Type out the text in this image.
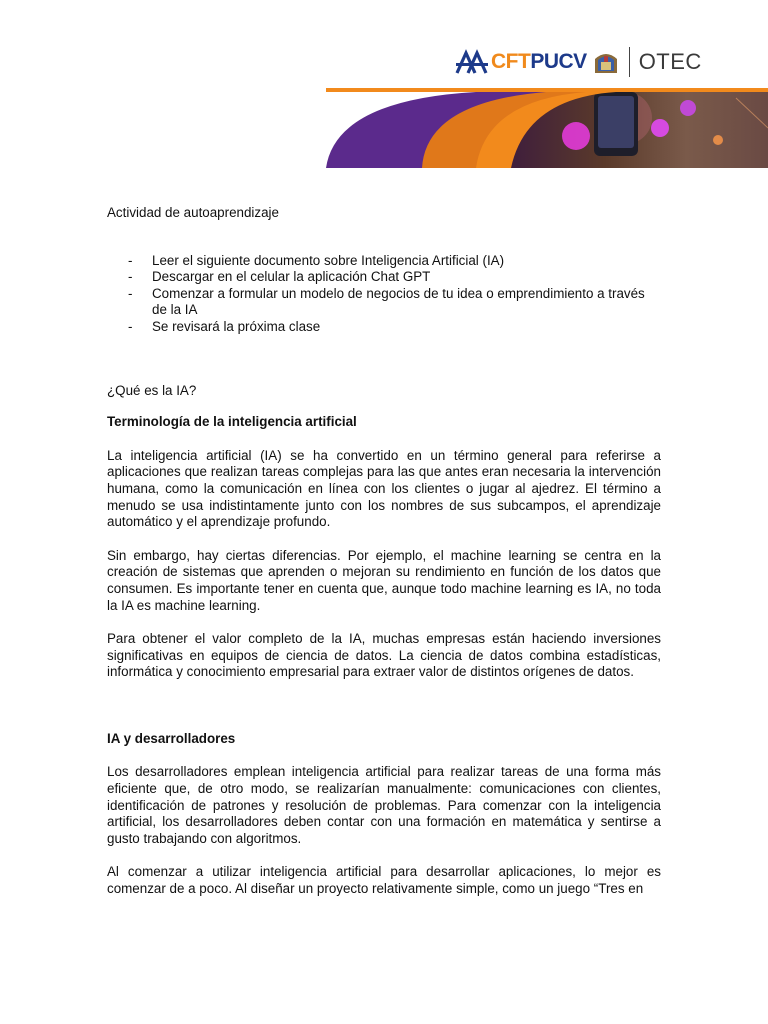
CFTPUCV OTEC

Actividad de autoaprendizaje

- Leer el siguiente documento sobre Inteligencia Artificial (IA)
- Descargar en el celular la aplicación Chat GPT
- Comenzar a formular un modelo de negocios de tu idea o emprendimiento a través de la IA
- Se revisará la próxima clase

¿Qué es la IA?

Terminología de la inteligencia artificial

La inteligencia artificial (IA) se ha convertido en un término general para referirse a aplicaciones que realizan tareas complejas para las que antes eran necesaria la intervención humana, como la comunicación en línea con los clientes o jugar al ajedrez. El término a menudo se usa indistintamente junto con los nombres de sus subcampos, el aprendizaje automático y el aprendizaje profundo.

Sin embargo, hay ciertas diferencias. Por ejemplo, el machine learning se centra en la creación de sistemas que aprenden o mejoran su rendimiento en función de los datos que consumen. Es importante tener en cuenta que, aunque todo machine learning es IA, no toda la IA es machine learning.

Para obtener el valor completo de la IA, muchas empresas están haciendo inversiones significativas en equipos de ciencia de datos. La ciencia de datos combina estadísticas, informática y conocimiento empresarial para extraer valor de distintos orígenes de datos.

IA y desarrolladores

Los desarrolladores emplean inteligencia artificial para realizar tareas de una forma más eficiente que, de otro modo, se realizarían manualmente: comunicaciones con clientes, identificación de patrones y resolución de problemas. Para comenzar con la inteligencia artificial, los desarrolladores deben contar con una formación en matemática y sentirse a gusto trabajando con algoritmos.

Al comenzar a utilizar inteligencia artificial para desarrollar aplicaciones, lo mejor es comenzar de a poco. Al diseñar un proyecto relativamente simple, como un juego “Tres en
